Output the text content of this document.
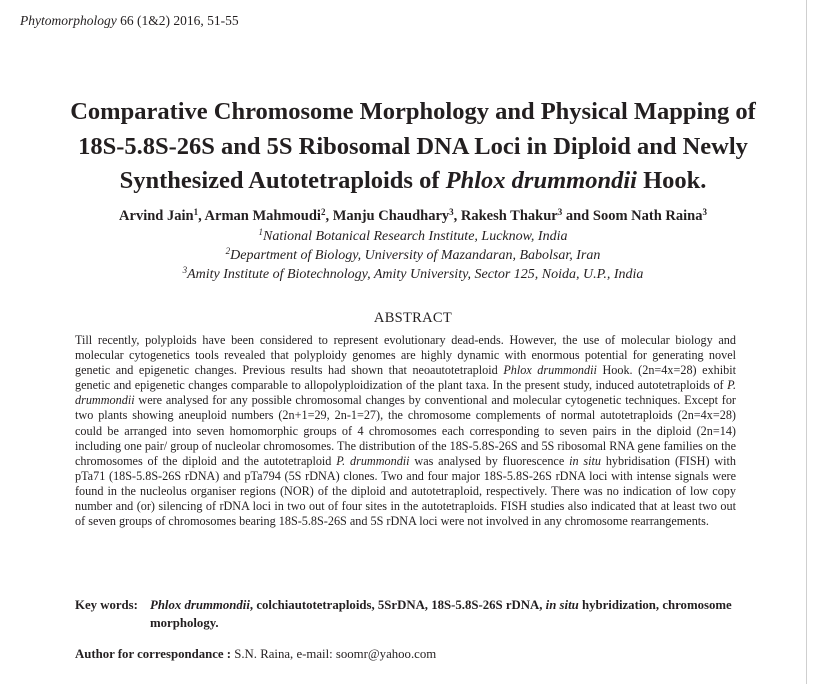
Phytomorphology 66 (1&2) 2016, 51-55
Comparative Chromosome Morphology and Physical Mapping of
18S-5.8S-26S and 5S Ribosomal DNA Loci in Diploid and Newly
Synthesized Autotetraploids of Phlox drummondii Hook.
Arvind Jain$^1$, Arman Mahmoudi$^2$, Manju Chaudhary$^3$, Rakesh Thakur$^3$ and Soom Nath Raina$^3$
$^1$National Botanical Research Institute, Lucknow, India
$^2$Department of Biology, University of Mazandaran, Babolsar, Iran
$^3$Amity Institute of Biotechnology, Amity University, Sector 125, Noida, U.P., India
ABSTRACT

Till recently, polyploids have been considered to represent evolutionary dead-ends. However, the use of molecular biology and molecular cytogenetics tools revealed that polyploidy genomes are highly dynamic with enormous potential for generating novel genetic and epigenetic changes. Previous results had shown that neoautotetraploid Phlox drummondii Hook. (2n=4x=28) exhibit genetic and epigenetic changes comparable to allopolyploidization of the plant taxa. In the present study, induced autotetraploids of P. drummondii were analysed for any possible chromosomal changes by conventional and molecular cytogenetic techniques. Except for two plants showing aneuploid numbers (2n+1=29, 2n-1=27), the chromosome complements of normal autotetraploids (2n=4x=28) could be arranged into seven homomorphic groups of 4 chromosomes each corresponding to seven pairs in the diploid (2n=14) including one pair/ group of nucleolar chromosomes. The distribution of the 18S-5.8S-26S and 5S ribosomal RNA gene families on the chromosomes of the diploid and the autotetraploid P. drummondii was analysed by fluorescence in situ hybridisation (FISH) with pTa71 (18S-5.8S-26S rDNA) and pTa794 (5S rDNA) clones. Two and four major 18S-5.8S-26S rDNA loci with intense signals were found in the nucleolus organiser regions (NOR) of the diploid and autotetraploid, respectively. There was no indication of low copy number and (or) silencing of rDNA loci in two out of four sites in the autotetraploids. FISH studies also indicated that at least two out of seven groups of chromosomes bearing 18S-5.8S-26S and 5S rDNA loci were not involved in any chromosome rearrangements.

Key words: Phlox drummondii, colchiautotetraploids, 5SrDNA, 18S-5.8S-26S rDNA, in situ hybridization, chromosome morphology.
Author for correspondance : S.N. Raina, e-mail: soomr@yahoo.com
